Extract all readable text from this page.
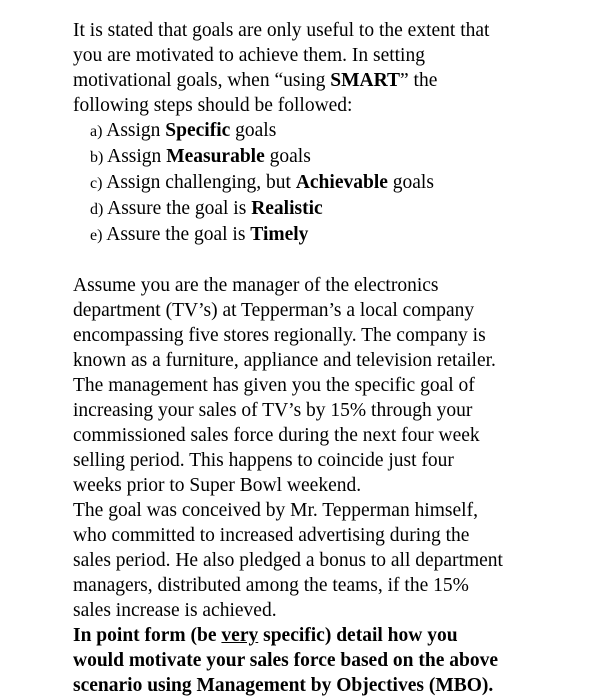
It is stated that goals are only useful to the extent that
you are motivated to achieve them. In setting
motivational goals, when “using SMART” the
following steps should be followed:
a) Assign Specific goals
b) Assign Measurable goals
c) Assign challenging, but Achievable goals
d) Assure the goal is Realistic
e) Assure the goal is Timely
Assume you are the manager of the electronics
department (TV’s) at Tepperman’s a local company
encompassing five stores regionally. The company is
known as a furniture, appliance and television retailer.
The management has given you the specific goal of
increasing your sales of TV’s by 15% through your
commissioned sales force during the next four week
selling period. This happens to coincide just four
weeks prior to Super Bowl weekend.
The goal was conceived by Mr. Tepperman himself,
who committed to increased advertising during the
sales period. He also pledged a bonus to all department
managers, distributed among the teams, if the 15%
sales increase is achieved.
In point form (be very specific) detail how you
would motivate your sales force based on the above
scenario using Management by Objectives (MBO).
